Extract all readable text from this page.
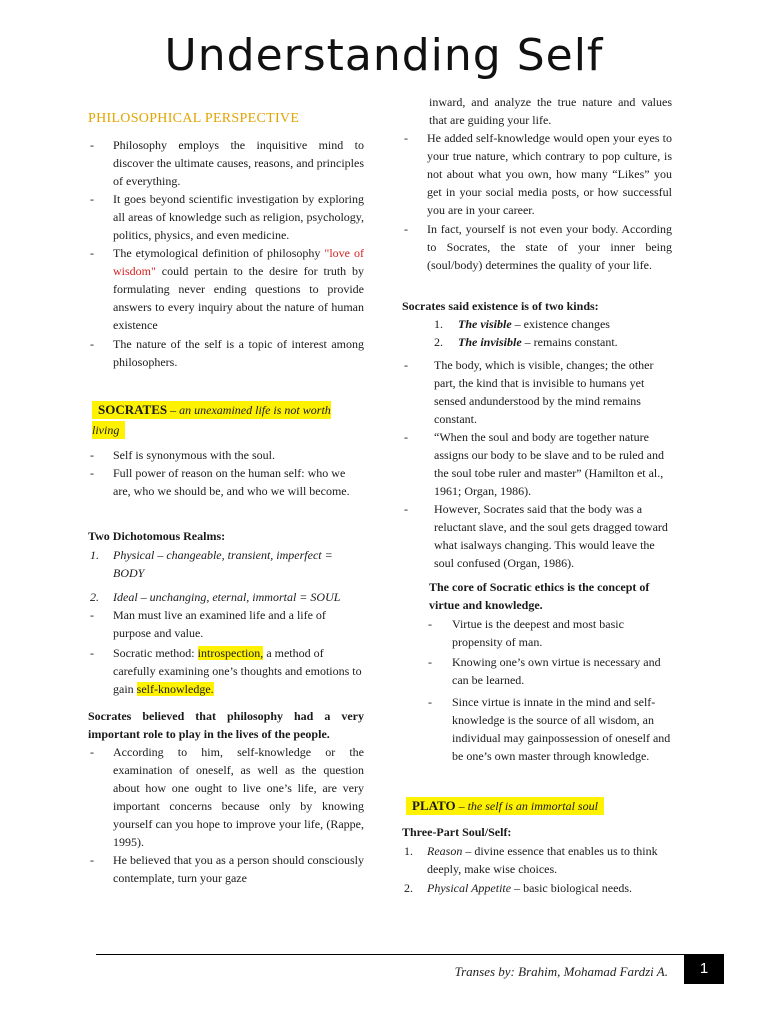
Understanding Self
PHILOSOPHICAL PERSPECTIVE
- Philosophy employs the inquisitive mind to discover the ultimate causes, reasons, and principles of everything.
- It goes beyond scientific investigation by exploring all areas of knowledge such as religion, psychology, politics, physics, and even medicine.
- The etymological definition of philosophy "love of wisdom" could pertain to the desire for truth by formulating never ending questions to provide answers to every inquiry about the nature of human existence
- The nature of the self is a topic of interest among philosophers.
SOCRATES – an unexamined life is not worth living
- Self is synonymous with the soul.
- Full power of reason on the human self: who we are, who we should be, and who we will become.
Two Dichotomous Realms:
1. Physical – changeable, transient, imperfect = BODY
2. Ideal – unchanging, eternal, immortal = SOUL
- Man must live an examined life and a life of purpose and value.
- Socratic method: introspection, a method of carefully examining one’s thoughts and emotions to gain self-knowledge.
Socrates believed that philosophy had a very important role to play in the lives of the people.
- According to him, self-knowledge or the examination of oneself, as well as the question about how one ought to live one’s life, are very important concerns because only by knowing yourself can you hope to improve your life, (Rappe, 1995).
- He believed that you as a person should consciously contemplate, turn your gaze
inward, and analyze the true nature and values that are guiding your life.
- He added self-knowledge would open your eyes to your true nature, which contrary to pop culture, is not about what you own, how many “Likes” you get in your social media posts, or how successful you are in your career.
- In fact, yourself is not even your body. According to Socrates, the state of your inner being (soul/body) determines the quality of your life.
Socrates said existence is of two kinds:
1. The visible – existence changes
2. The invisible – remains constant.
- The body, which is visible, changes; the other part, the kind that is invisible to humans yet sensed andunderstood by the mind remains constant.
- “When the soul and body are together nature assigns our body to be slave and to be ruled and the soul tobe ruler and master” (Hamilton et al., 1961; Organ, 1986).
- However, Socrates said that the body was a reluctant slave, and the soul gets dragged toward what isalways changing. This would leave the soul confused (Organ, 1986).
The core of Socratic ethics is the concept of virtue and knowledge.
- Virtue is the deepest and most basic propensity of man.
- Knowing one’s own virtue is necessary and can be learned.
- Since virtue is innate in the mind and self-knowledge is the source of all wisdom, an individual may gainpossession of oneself and be one’s own master through knowledge.
PLATO – the self is an immortal soul
Three-Part Soul/Self:
1. Reason – divine essence that enables us to think deeply, make wise choices.
2. Physical Appetite – basic biological needs.
Transes by: Brahim, Mohamad Fardzi A.	1
